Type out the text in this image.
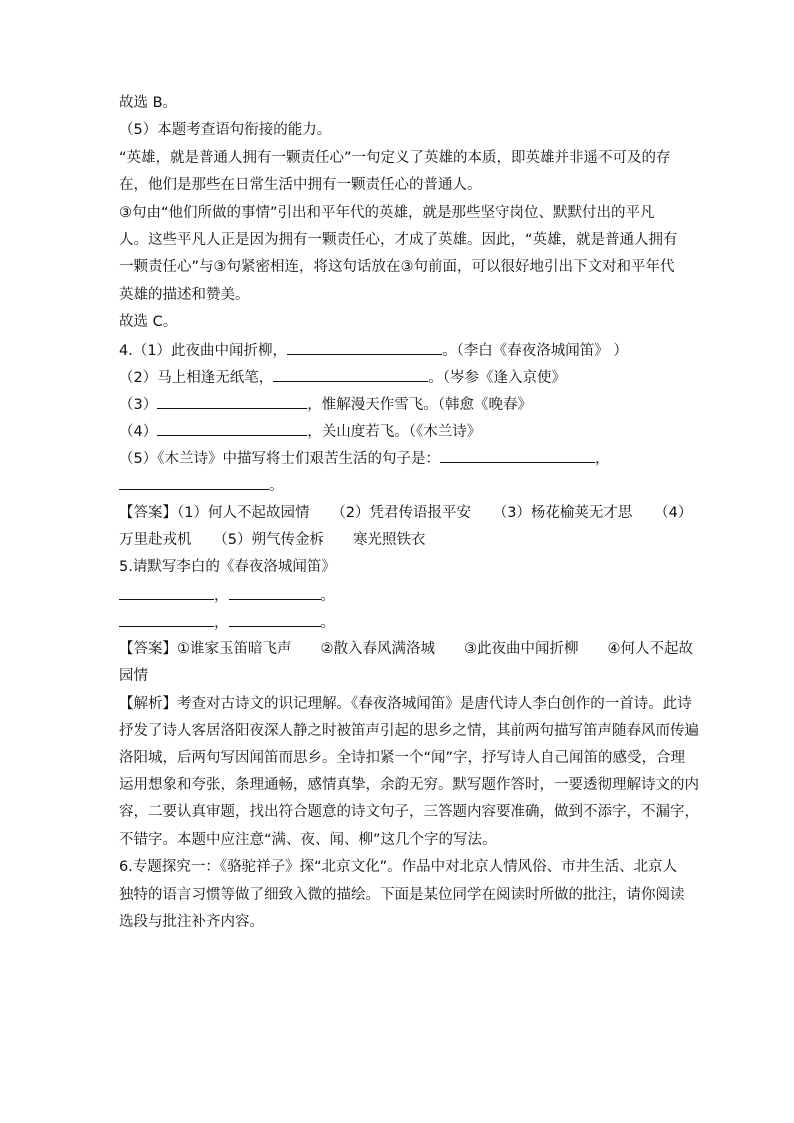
故选 B。
（5）本题考查语句衔接的能力。
“英雄，就是普通人拥有一颗责任心”一句定义了英雄的本质，即英雄并非遥不可及的存
在，他们是那些在日常生活中拥有一颗责任心的普通人。
③句由“他们所做的事情”引出和平年代的英雄，就是那些坚守岗位、默默付出的平凡
人。这些平凡人正是因为拥有一颗责任心，才成了英雄。因此，“英雄，就是普通人拥有
一颗责任心”与③句紧密相连，将这句话放在③句前面，可以很好地引出下文对和平年代
英雄的描述和赞美。
故选 C。
4.（1）此夜曲中闻折柳，	。（李白《春夜洛城闻笛》 ）
（2）马上相逢无纸笔，	。（岑参《逢入京使》
（3）	，惟解漫天作雪飞。（韩愈《晚春》
（4）	，关山度若飞。（《木兰诗》
（5）《木兰诗》中描写将士们艰苦生活的句子是：	，
。
【答案】（1）何人不起故园情　　（2）凭君传语报平安　　（3）杨花榆荚无才思　　（4）
万里赴戎机　　（5）朔气传金柝　　寒光照铁衣
5.请默写李白的《春夜洛城闻笛》
，	。
，	。
【答案】①谁家玉笛暗飞声　　②散入春风满洛城　　③此夜曲中闻折柳　　④何人不起故
园情
【解析】考查对古诗文的识记理解。《春夜洛城闻笛》是唐代诗人李白创作的一首诗。此诗
抒发了诗人客居洛阳夜深人静之时被笛声引起的思乡之情，其前两句描写笛声随春风而传遍
洛阳城，后两句写因闻笛而思乡。全诗扣紧一个“闻”字，抒写诗人自己闻笛的感受，合理
运用想象和夸张，条理通畅，感情真挚，余韵无穷。默写题作答时，一要透彻理解诗文的内
容，二要认真审题，找出符合题意的诗文句子，三答题内容要准确，做到不添字，不漏字，
不错字。本题中应注意“满、夜、闻、柳”这几个字的写法。
6.专题探究一：《骆驼祥子》探“北京文化”。作品中对北京人情风俗、市井生活、北京人
独特的语言习惯等做了细致入微的描绘。下面是某位同学在阅读时所做的批注，请你阅读
选段与批注补齐内容。
